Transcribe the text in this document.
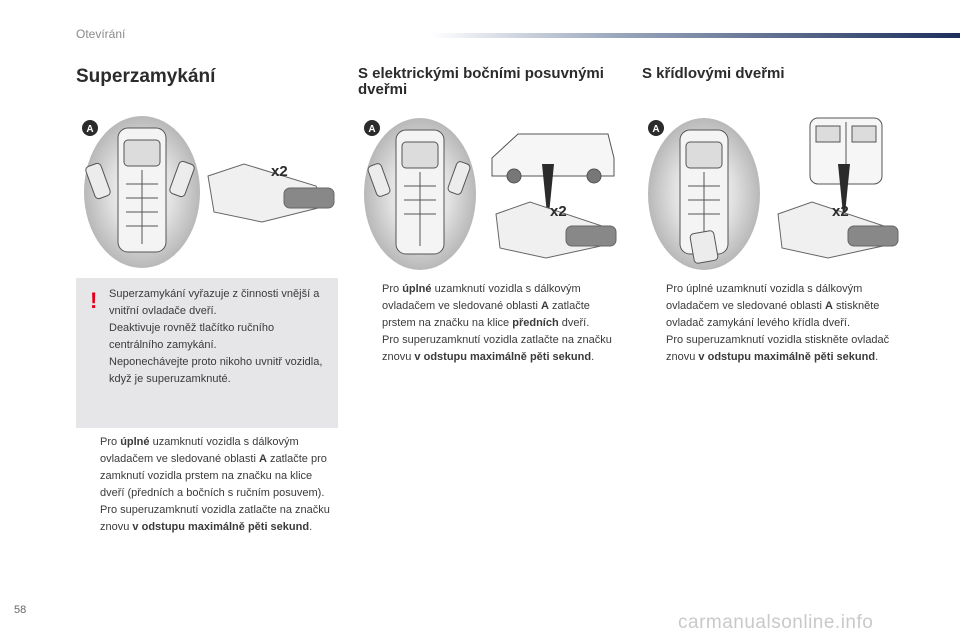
Otevírání
Superzamykání	S elektrickými bočními posuvnými dveřmi
S křídlovými dveřmi
A
x2
A
x2
A
x2
! Superzamykání vyřazuje z činnosti vnější a vnitřní ovladače dveří.

Deaktivuje rovněž tlačítko ručního centrálního zamykání.

Neponechávejte proto nikoho uvnitř vozidla, když je superuzamknuté.

Pro úplné uzamknutí vozidla s dálkovým ovladačem ve sledované oblasti A zatlačte pro zamknutí vozidla prstem na značku na klice dveří (předních a bočních s ručním posuvem).
Pro superuzamknutí vozidla zatlačte na značku znovu v odstupu maximálně pěti sekund.
Pro úplné uzamknutí vozidla s dálkovým ovladačem ve sledované oblasti A zatlačte prstem na značku na klice předních dveří.
Pro superuzamknutí vozidla zatlačte na značku znovu v odstupu maximálně pěti sekund.
Pro úplné uzamknutí vozidla s dálkovým ovladačem ve sledované oblasti A stiskněte ovladač zamykání levého křídla dveří.
Pro superuzamknutí vozidla stiskněte ovladač znovu v odstupu maximálně pěti sekund.
58
carmanualsonline.info
